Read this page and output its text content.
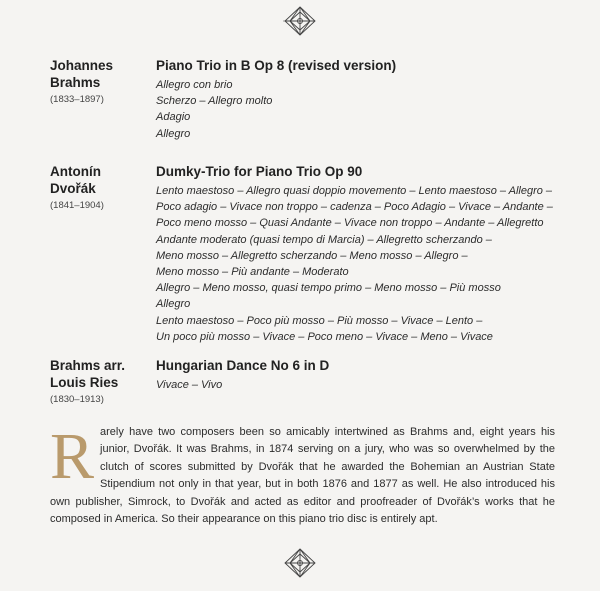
Johannes
Brahms
(1833–1897)
Piano Trio in B Op 8 (revised version)
Allegro con brio
Scherzo – Allegro molto
Adagio
Allegro
Antonín
Dvořák
(1841–1904)
Dumky-Trio for Piano Trio Op 90
Lento maestoso – Allegro quasi doppio movemento – Lento maestoso – Allegro –
Poco adagio – Vivace non troppo – cadenza – Poco Adagio – Vivace – Andante –
Poco meno mosso – Quasi Andante – Vivace non troppo – Andante – Allegretto
Andante moderato (quasi tempo di Marcia) – Allegretto scherzando –
Meno mosso – Allegretto scherzando – Meno mosso – Allegro –
Meno mosso – Più andante – Moderato
Allegro – Meno mosso, quasi tempo primo – Meno mosso – Più mosso
Allegro
Lento maestoso – Poco più mosso – Più mosso – Vivace – Lento –
Un poco più mosso – Vivace – Poco meno – Vivace – Meno – Vivace
Brahms arr.
Louis Ries
(1830–1913)
Hungarian Dance No 6 in D
Vivace – Vivo
R arely have two composers been so amicably intertwined as Brahms and, eight years his junior, Dvořák. It was Brahms, in 1874 serving on a jury, who was so overwhelmed by the clutch of scores submitted by Dvořák that he awarded the Bohemian an Austrian State Stipendium not only in that year, but in both 1876 and 1877 as well. He also introduced his own publisher, Simrock, to Dvořák and acted as editor and proofreader of Dvořák’s works that he composed in America. So their appearance on this piano trio disc is entirely apt.
